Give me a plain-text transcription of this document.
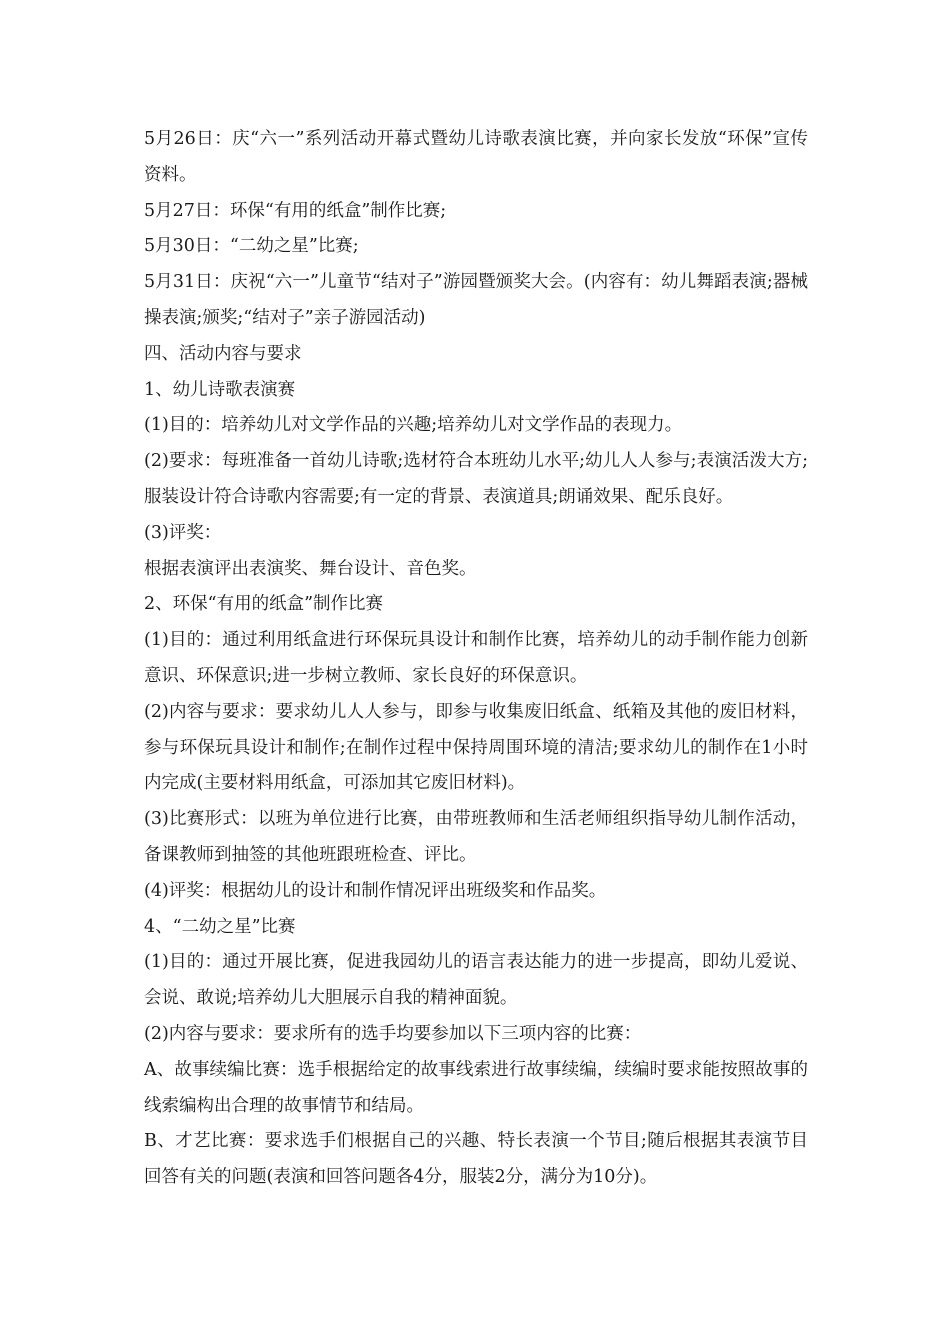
5月26日：庆“六一”系列活动开幕式暨幼儿诗歌表演比赛，并向家长发放“环保”宣传资料。

5月27日：环保“有用的纸盒”制作比赛;

5月30日：“二幼之星”比赛;

5月31日：庆祝“六一”儿童节“结对子”游园暨颁奖大会。(内容有：幼儿舞蹈表演;器械操表演;颁奖;“结对子”亲子游园活动)

四、活动内容与要求

1、幼儿诗歌表演赛

(1)目的：培养幼儿对文学作品的兴趣;培养幼儿对文学作品的表现力。

(2)要求：每班准备一首幼儿诗歌;选材符合本班幼儿水平;幼儿人人参与;表演活泼大方;服装设计符合诗歌内容需要;有一定的背景、表演道具;朗诵效果、配乐良好。

(3)评奖：

根据表演评出表演奖、舞台设计、音色奖。

2、环保“有用的纸盒”制作比赛

(1)目的：通过利用纸盒进行环保玩具设计和制作比赛，培养幼儿的动手制作能力创新意识、环保意识;进一步树立教师、家长良好的环保意识。

(2)内容与要求：要求幼儿人人参与，即参与收集废旧纸盒、纸箱及其他的废旧材料，参与环保玩具设计和制作;在制作过程中保持周围环境的清洁;要求幼儿的制作在1小时内完成(主要材料用纸盒，可添加其它废旧材料)。

(3)比赛形式：以班为单位进行比赛，由带班教师和生活老师组织指导幼儿制作活动，备课教师到抽签的其他班跟班检查、评比。

(4)评奖：根据幼儿的设计和制作情况评出班级奖和作品奖。

4、“二幼之星”比赛

(1)目的：通过开展比赛，促进我园幼儿的语言表达能力的进一步提高，即幼儿爱说、会说、敢说;培养幼儿大胆展示自我的精神面貌。

(2)内容与要求：要求所有的选手均要参加以下三项内容的比赛：

A、故事续编比赛：选手根据给定的故事线索进行故事续编，续编时要求能按照故事的线索编构出合理的故事情节和结局。

B、才艺比赛：要求选手们根据自己的兴趣、特长表演一个节目;随后根据其表演节目回答有关的问题(表演和回答问题各4分，服装2分，满分为10分)。
